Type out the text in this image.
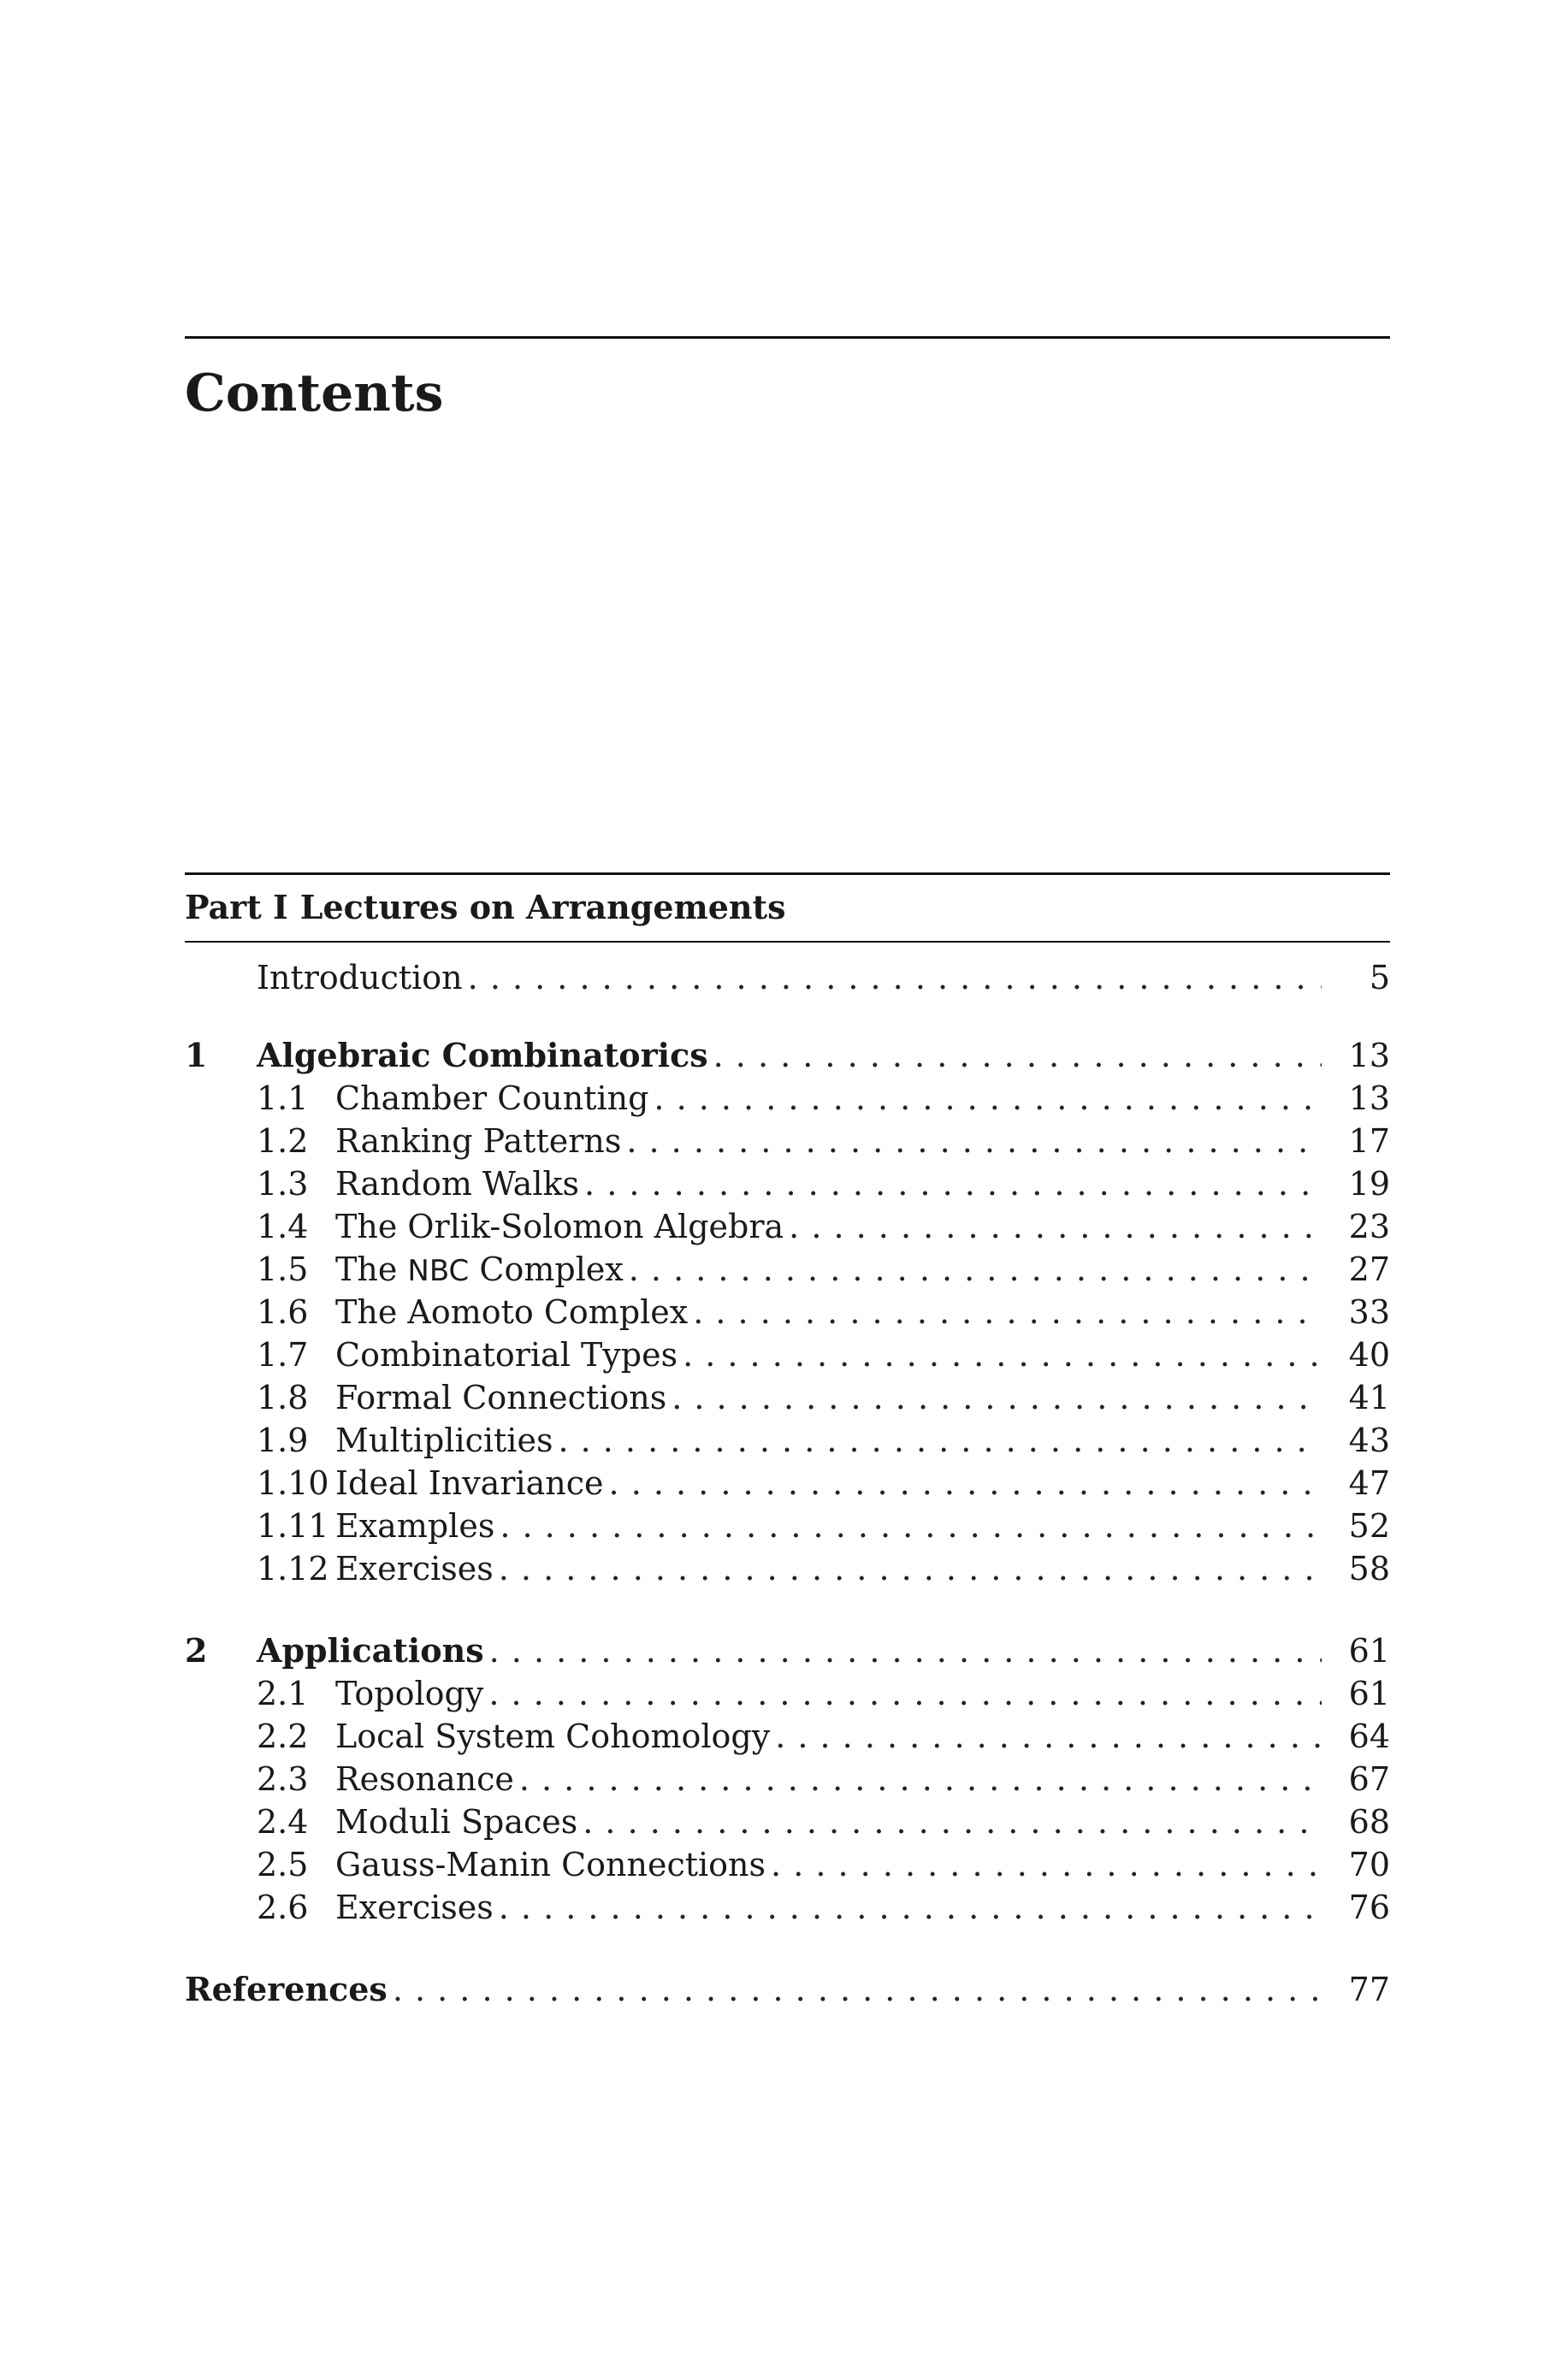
Contents
Part I Lectures on Arrangements
Introduction . . .	5
1 Algebraic Combinatorics . . .	13
1.1 Chamber Counting . . .	13
1.2 Ranking Patterns . . .	17
1.3 Random Walks . . .	19
1.4 The Orlik-Solomon Algebra . . .	23
1.5 The NBC Complex . . .	27
1.6 The Aomoto Complex . . .	33
1.7 Combinatorial Types . . .	40
1.8 Formal Connections . . .	41
1.9 Multiplicities . . .	43
1.10 Ideal Invariance . . .	47
1.11 Examples . . .	52
1.12 Exercises . . .	58
2 Applications . . .	61
2.1 Topology . . .	61
2.2 Local System Cohomology . . .	64
2.3 Resonance . . .	67
2.4 Moduli Spaces . . .	68
2.5 Gauss-Manin Connections . . .	70
2.6 Exercises . . .	76
References . . .	77
